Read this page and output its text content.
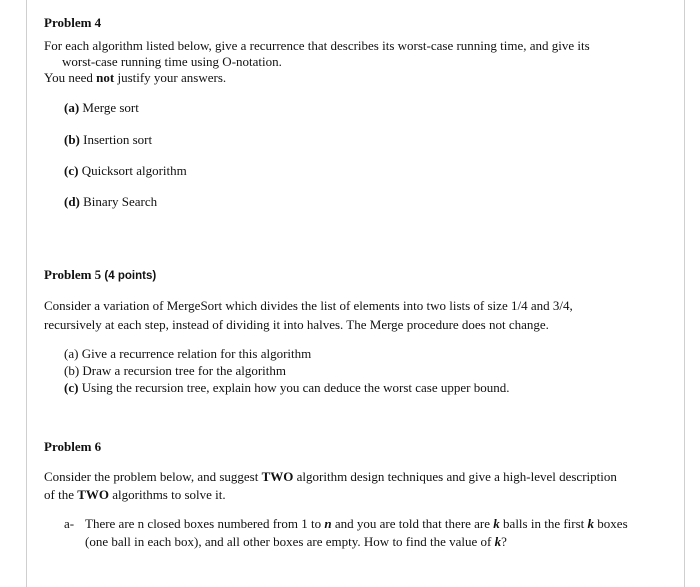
Problem 4
For each algorithm listed below, give a recurrence that describes its worst-case running time, and give its
worst-case running time using O-notation.
You need not justify your answers.
(a) Merge sort
(b) Insertion sort
(c) Quicksort algorithm
(d) Binary Search
Problem 5 (4 points)
Consider a variation of MergeSort which divides the list of elements into two lists of size 1/4 and 3/4,
recursively at each step, instead of dividing it into halves. The Merge procedure does not change.
(a) Give a recurrence relation for this algorithm
(b) Draw a recursion tree for the algorithm
(c) Using the recursion tree, explain how you can deduce the worst case upper bound.
Problem 6
Consider the problem below, and suggest TWO algorithm design techniques and give a high-level description
of the TWO algorithms to solve it.
a- There are n closed boxes numbered from 1 to n and you are told that there are k balls in the first k boxes
(one ball in each box), and all other boxes are empty. How to find the value of k?
